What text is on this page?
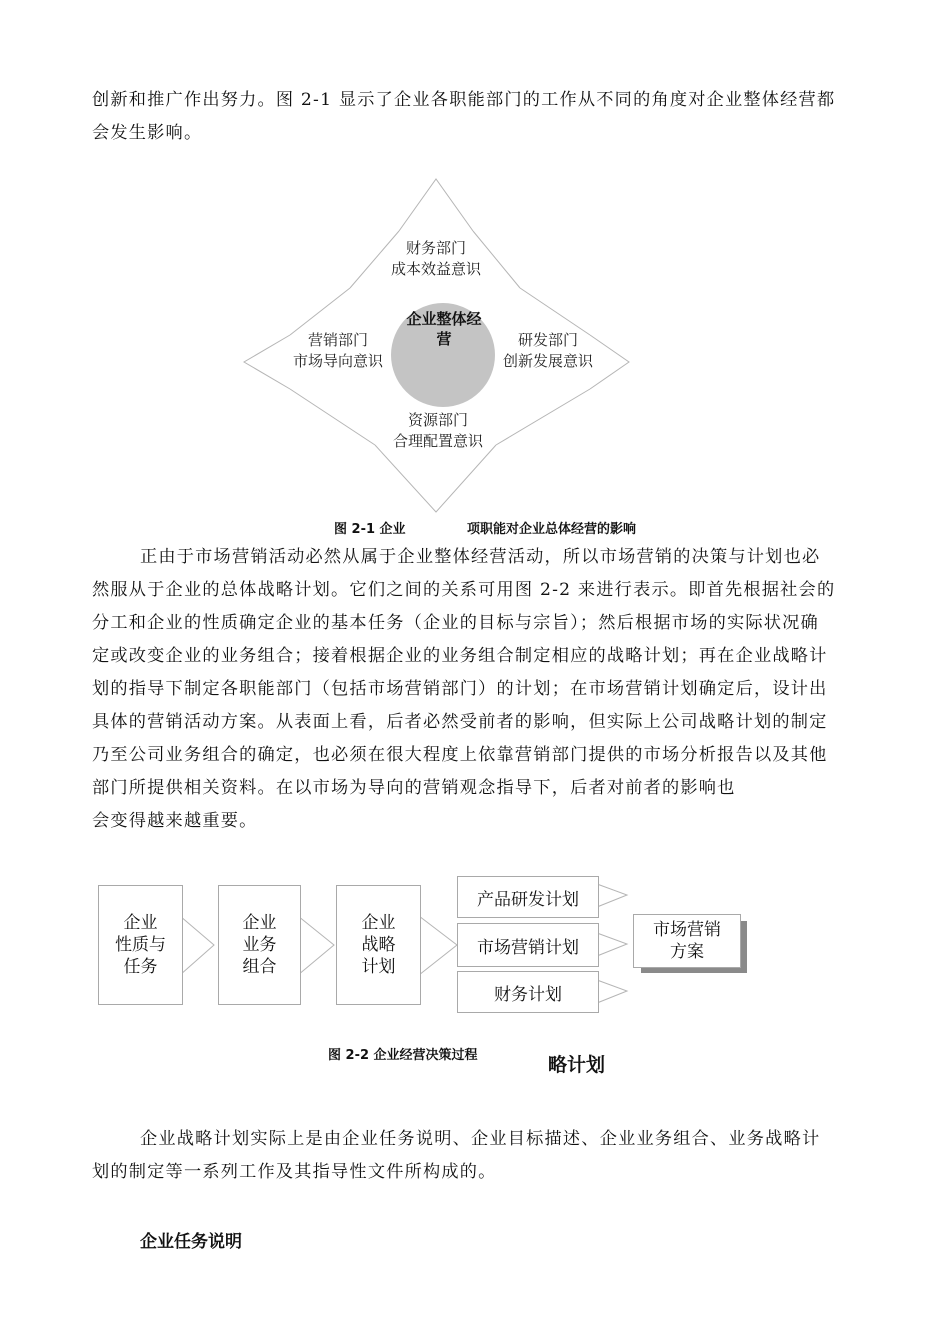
创新和推广作出努力。图 2-1 显示了企业各职能部门的工作从不同的角度对企业整体经营都
会发生影响。
企业整体经
营
财务部门
成本效益意识
营销部门
市场导向意识
研发部门
创新发展意识
资源部门
合理配置意识
图 2-1 企业	项职能对企业总体经营的影响
正由于市场营销活动必然从属于企业整体经营活动，所以市场营销的决策与计划也必
然服从于企业的总体战略计划。它们之间的关系可用图 2-2 来进行表示。即首先根据社会的
分工和企业的性质确定企业的基本任务（企业的目标与宗旨）；然后根据市场的实际状况确
定或改变企业的业务组合；接着根据企业的业务组合制定相应的战略计划；再在企业战略计
划的指导下制定各职能部门（包括市场营销部门）的计划；在市场营销计划确定后，设计出
具体的营销活动方案。从表面上看，后者必然受前者的影响，但实际上公司战略计划的制定
乃至公司业务组合的确定，也必须在很大程度上依靠营销部门提供的市场分析报告以及其他
部门所提供相关资料。在以市场为导向的营销观念指导下，后者对前者的影响也
会变得越来越重要。
企业
性质与
任务
企业
业务
组合
企业
战略
计划
产品研发计划
市场营销计划
财务计划
市场营销
方案
图 2-2 企业经营决策过程	略计划
企业战略计划实际上是由企业任务说明、企业目标描述、企业业务组合、业务战略计
划的制定等一系列工作及其指导性文件所构成的。
企业任务说明
